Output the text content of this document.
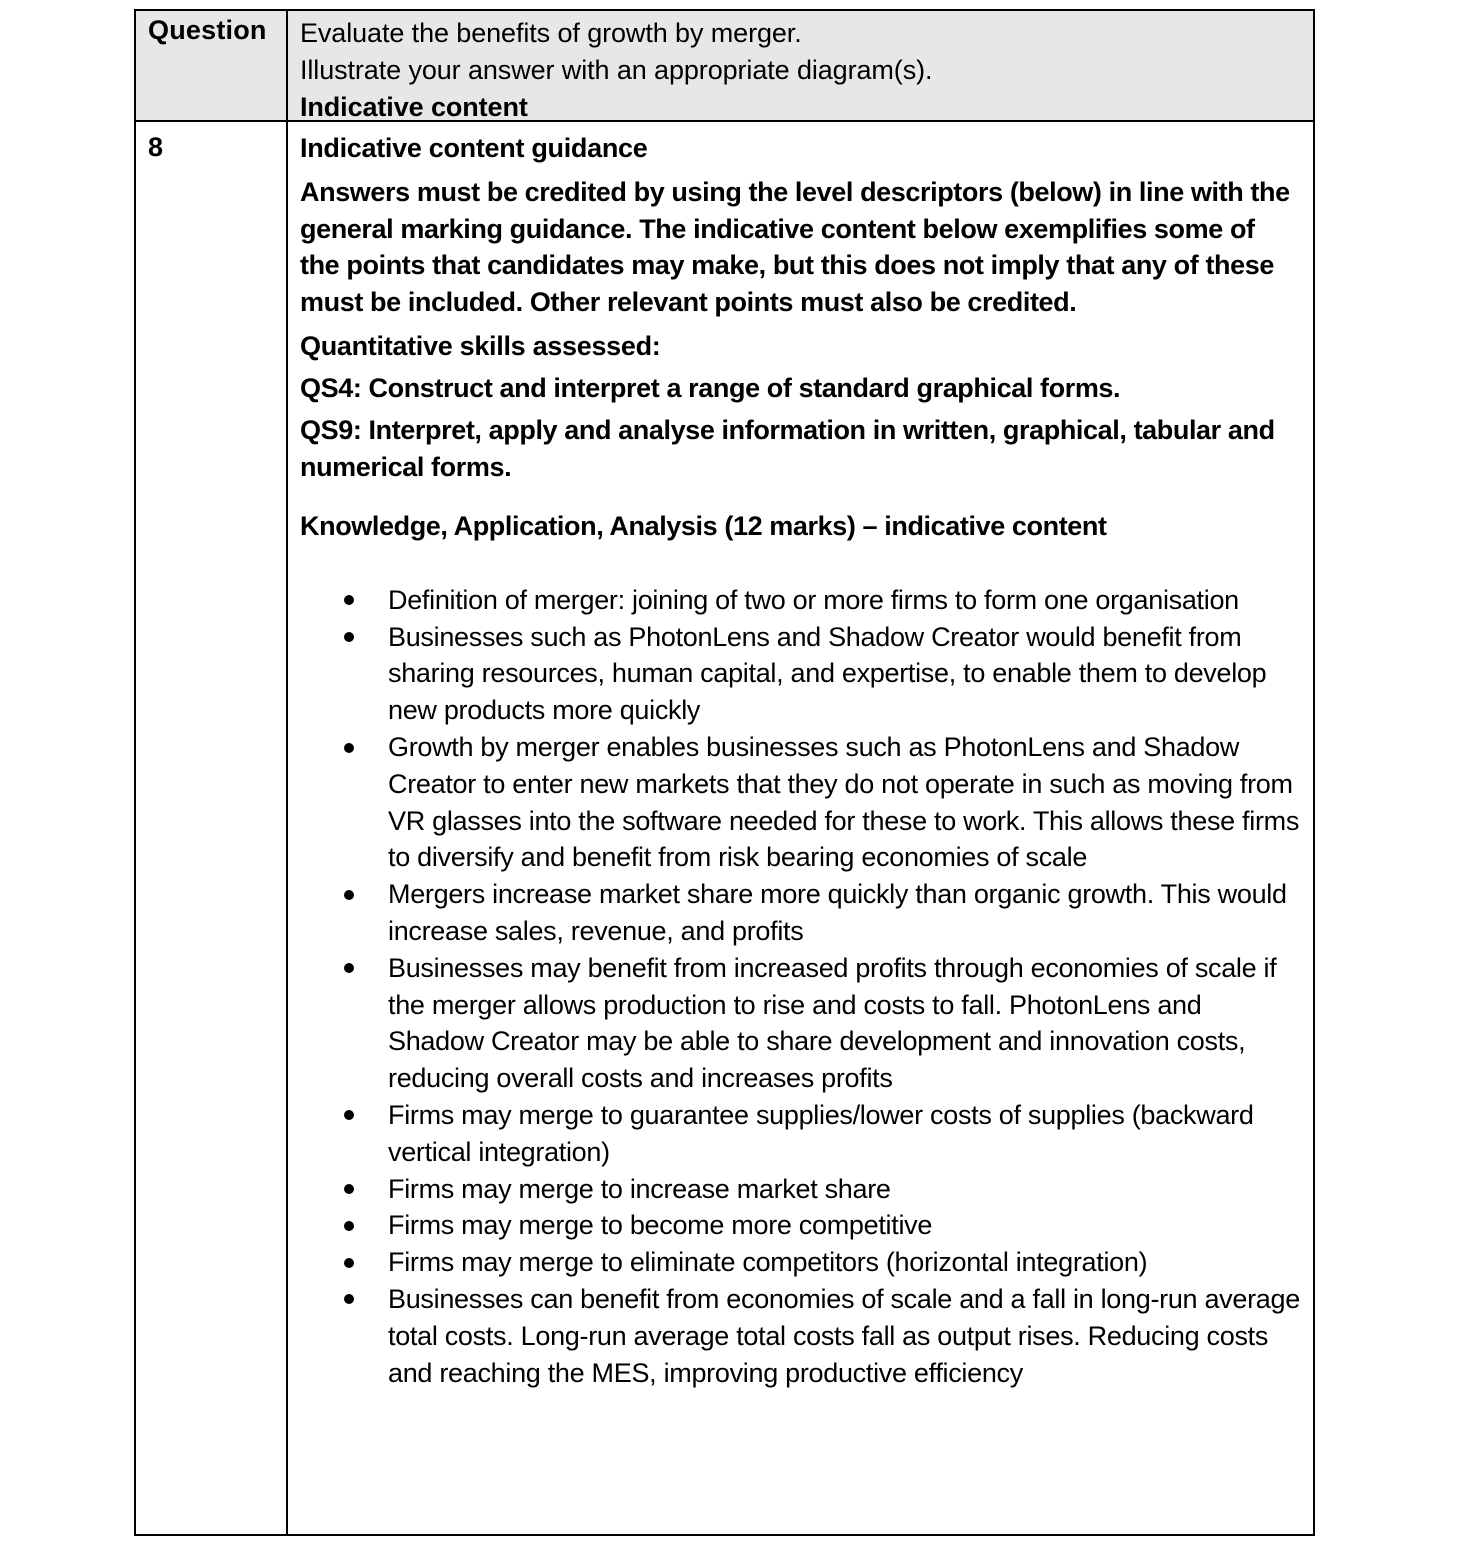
Question	Evaluate the benefits of growth by merger.
Illustrate your answer with an appropriate diagram(s).
Indicative content
8	Indicative content guidance
Answers must be credited by using the level descriptors (below) in line with the general marking guidance. The indicative content below exemplifies some of the points that candidates may make, but this does not imply that any of these must be included. Other relevant points must also be credited.
Quantitative skills assessed:
QS4: Construct and interpret a range of standard graphical forms.
QS9: Interpret, apply and analyse information in written, graphical, tabular and numerical forms.
Knowledge, Application, Analysis (12 marks) – indicative content
Definition of merger: joining of two or more firms to form one organisation
Businesses such as PhotonLens and Shadow Creator would benefit from sharing resources, human capital, and expertise, to enable them to develop new products more quickly
Growth by merger enables businesses such as PhotonLens and Shadow Creator to enter new markets that they do not operate in such as moving from VR glasses into the software needed for these to work. This allows these firms to diversify and benefit from risk bearing economies of scale
Mergers increase market share more quickly than organic growth. This would increase sales, revenue, and profits
Businesses may benefit from increased profits through economies of scale if the merger allows production to rise and costs to fall. PhotonLens and Shadow Creator may be able to share development and innovation costs, reducing overall costs and increases profits
Firms may merge to guarantee supplies/lower costs of supplies (backward vertical integration)
Firms may merge to increase market share
Firms may merge to become more competitive
Firms may merge to eliminate competitors (horizontal integration)
Businesses can benefit from economies of scale and a fall in long-run average total costs. Long-run average total costs fall as output rises. Reducing costs and reaching the MES, improving productive efficiency
